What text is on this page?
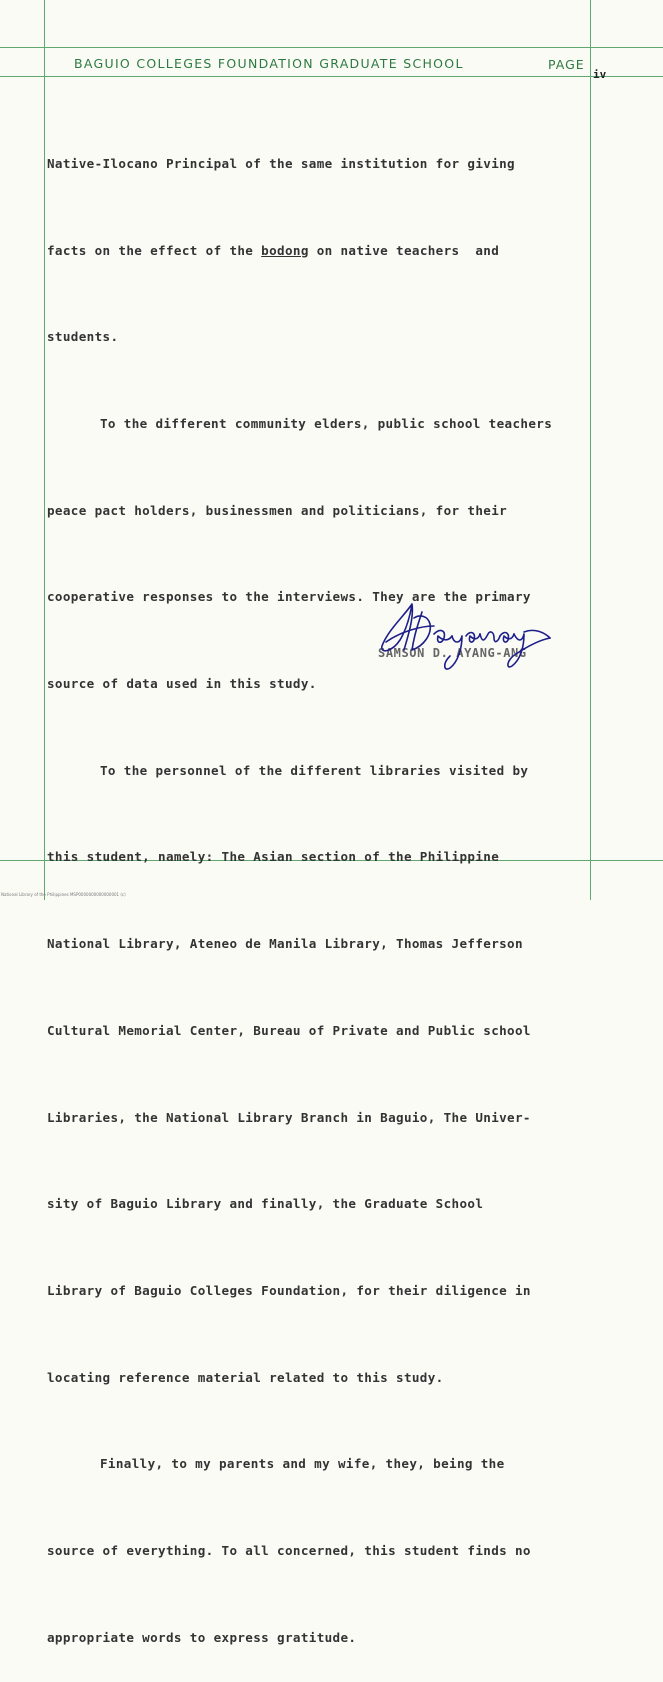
BAGUIO COLLEGES FOUNDATION GRADUATE SCHOOL	PAGE
iv

Native-Ilocano Principal of the same institution for giving

facts on the effect of the bodong on native teachers  and

students.

To the different community elders, public school teachers

peace pact holders, businessmen and politicians, for their

cooperative responses to the interviews. They are the primary

source of data used in this study.

To the personnel of the different libraries visited by

this student, namely: The Asian section of the Philippine

National Library, Ateneo de Manila Library, Thomas Jefferson

Cultural Memorial Center, Bureau of Private and Public school

Libraries, the National Library Branch in Baguio, The Univer-

sity of Baguio Library and finally, the Graduate School

Library of Baguio Colleges Foundation, for their diligence in

locating reference material related to this study.

Finally, to my parents and my wife, they, being the

source of everything. To all concerned, this student finds no

appropriate words to express gratitude.

SAMSON D. AYANG-ANG
National Library of the Philippines MSP0000000000000001 (c)
